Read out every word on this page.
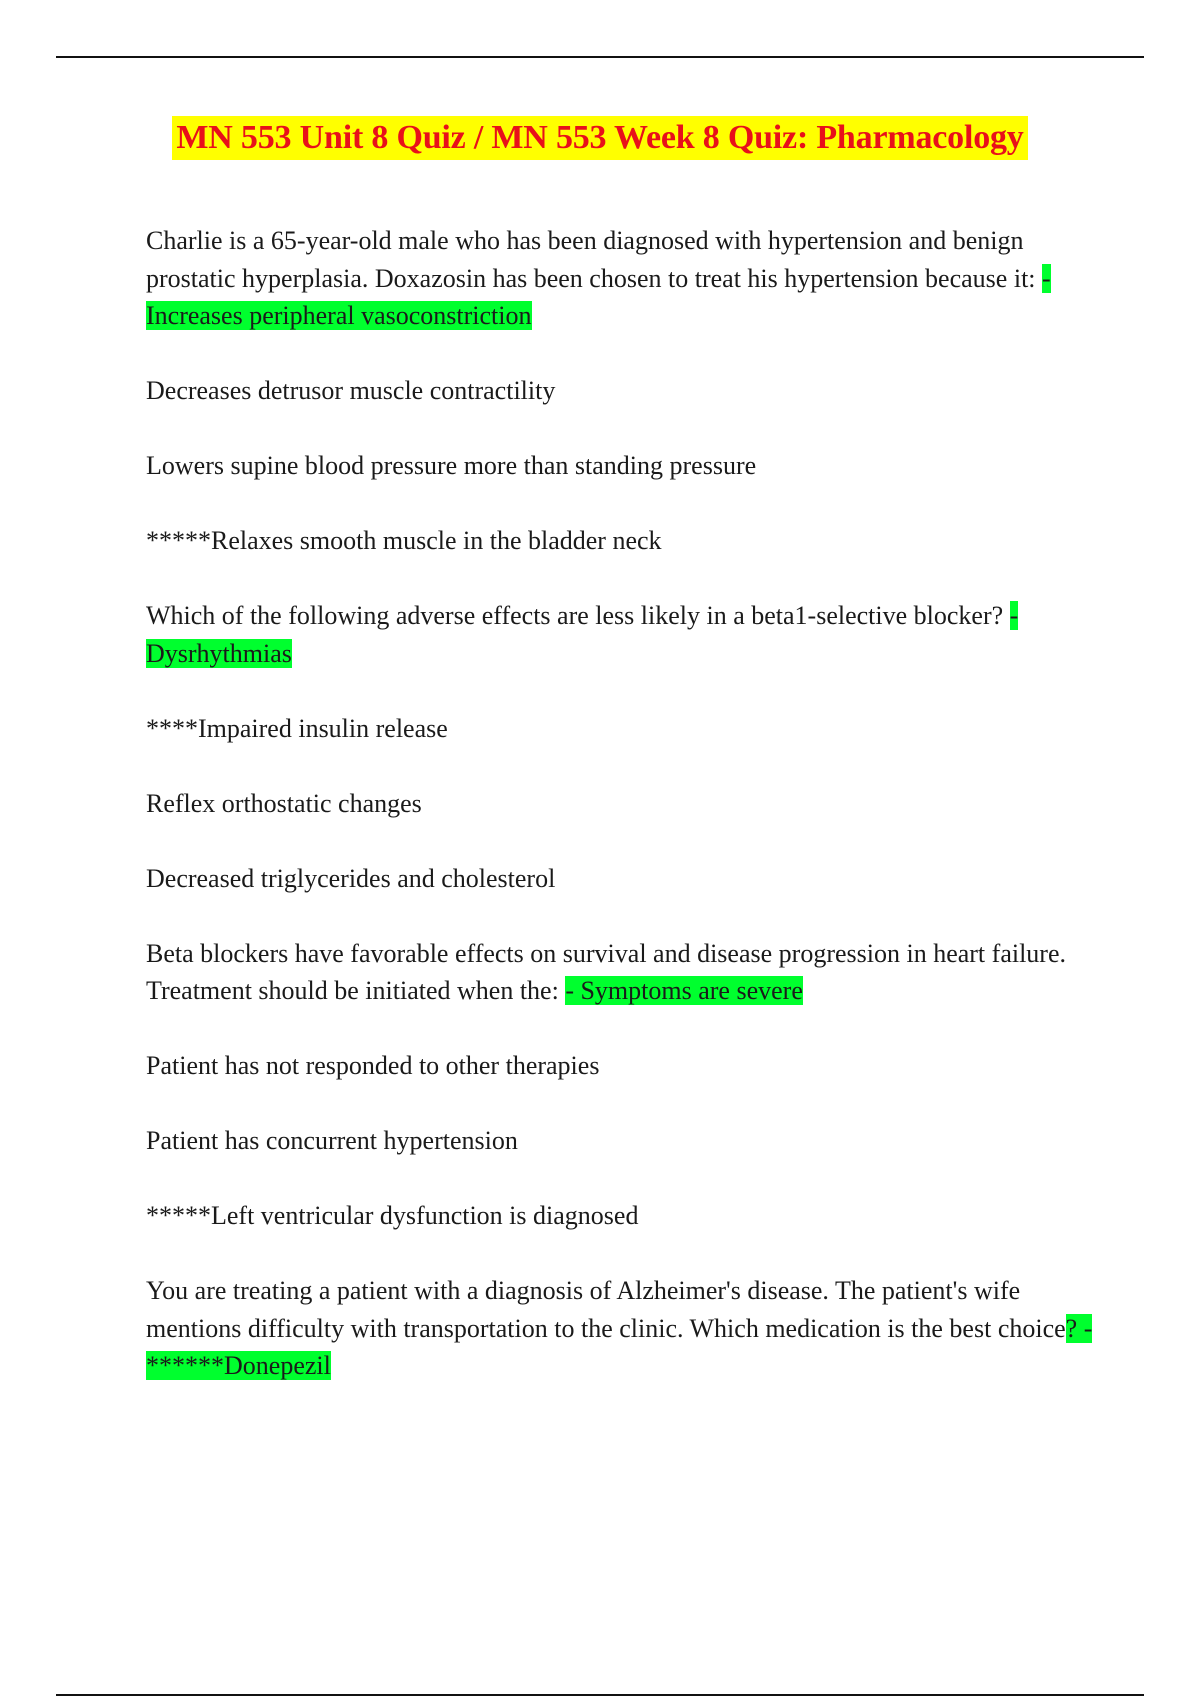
MN 553 Unit 8 Quiz / MN 553 Week 8 Quiz: Pharmacology

Charlie is a 65-year-old male who has been diagnosed with hypertension and benign prostatic hyperplasia. Doxazosin has been chosen to treat his hypertension because it: - Increases peripheral vasoconstriction

Decreases detrusor muscle contractility

Lowers supine blood pressure more than standing pressure

*****Relaxes smooth muscle in the bladder neck

Which of the following adverse effects are less likely in a beta1-selective blocker? - Dysrhythmias

****Impaired insulin release

Reflex orthostatic changes

Decreased triglycerides and cholesterol

Beta blockers have favorable effects on survival and disease progression in heart failure. Treatment should be initiated when the: - Symptoms are severe

Patient has not responded to other therapies

Patient has concurrent hypertension

*****Left ventricular dysfunction is diagnosed

You are treating a patient with a diagnosis of Alzheimer's disease. The patient's wife mentions difficulty with transportation to the clinic. Which medication is the best choice? - ******Donepezil
